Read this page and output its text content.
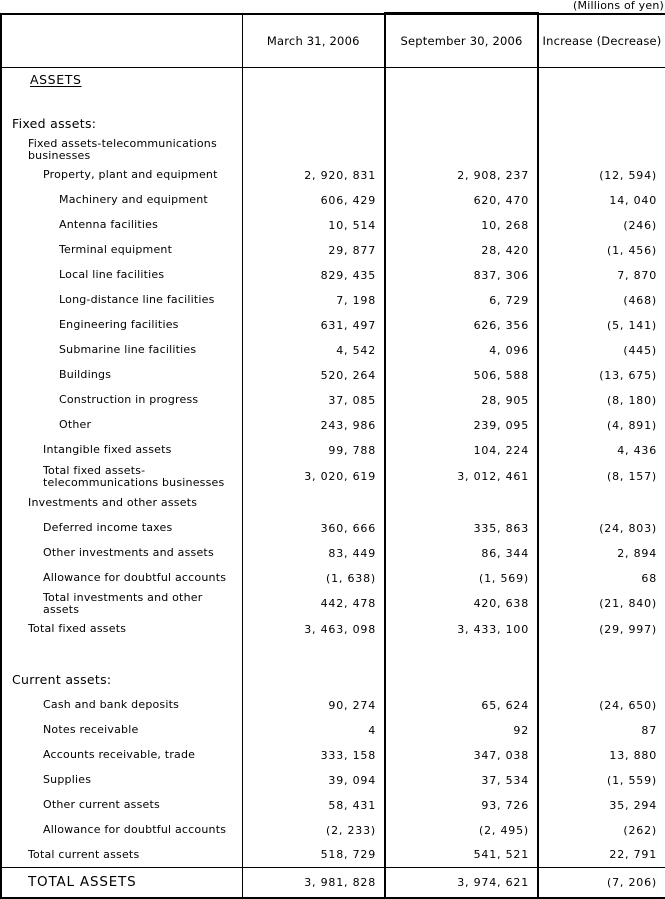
(Millions of yen)
	March 31, 2006	September 30, 2006	Increase (Decrease)
ASSETS			
Fixed assets:			
Fixed assets-telecommunications businesses			
Property, plant and equipment	2, 920, 831	2, 908, 237	(12, 594)
Machinery and equipment	606, 429	620, 470	14, 040
Antenna facilities	10, 514	10, 268	(246)
Terminal equipment	29, 877	28, 420	(1, 456)
Local line facilities	829, 435	837, 306	7, 870
Long-distance line facilities	7, 198	6, 729	(468)
Engineering facilities	631, 497	626, 356	(5, 141)
Submarine line facilities	4, 542	4, 096	(445)
Buildings	520, 264	506, 588	(13, 675)
Construction in progress	37, 085	28, 905	(8, 180)
Other	243, 986	239, 095	(4, 891)
Intangible fixed assets	99, 788	104, 224	4, 436
Total fixed assets-telecommunications businesses	3, 020, 619	3, 012, 461	(8, 157)
Investments and other assets			
Deferred income taxes	360, 666	335, 863	(24, 803)
Other investments and assets	83, 449	86, 344	2, 894
Allowance for doubtful accounts	(1, 638)	(1, 569)	68
Total investments and other assets	442, 478	420, 638	(21, 840)
Total fixed assets	3, 463, 098	3, 433, 100	(29, 997)

Current assets:			
Cash and bank deposits	90, 274	65, 624	(24, 650)
Notes receivable	4	92	87
Accounts receivable, trade	333, 158	347, 038	13, 880
Supplies	39, 094	37, 534	(1, 559)
Other current assets	58, 431	93, 726	35, 294
Allowance for doubtful accounts	(2, 233)	(2, 495)	(262)
Total current assets	518, 729	541, 521	22, 791
TOTAL ASSETS	3, 981, 828	3, 974, 621	(7, 206)
